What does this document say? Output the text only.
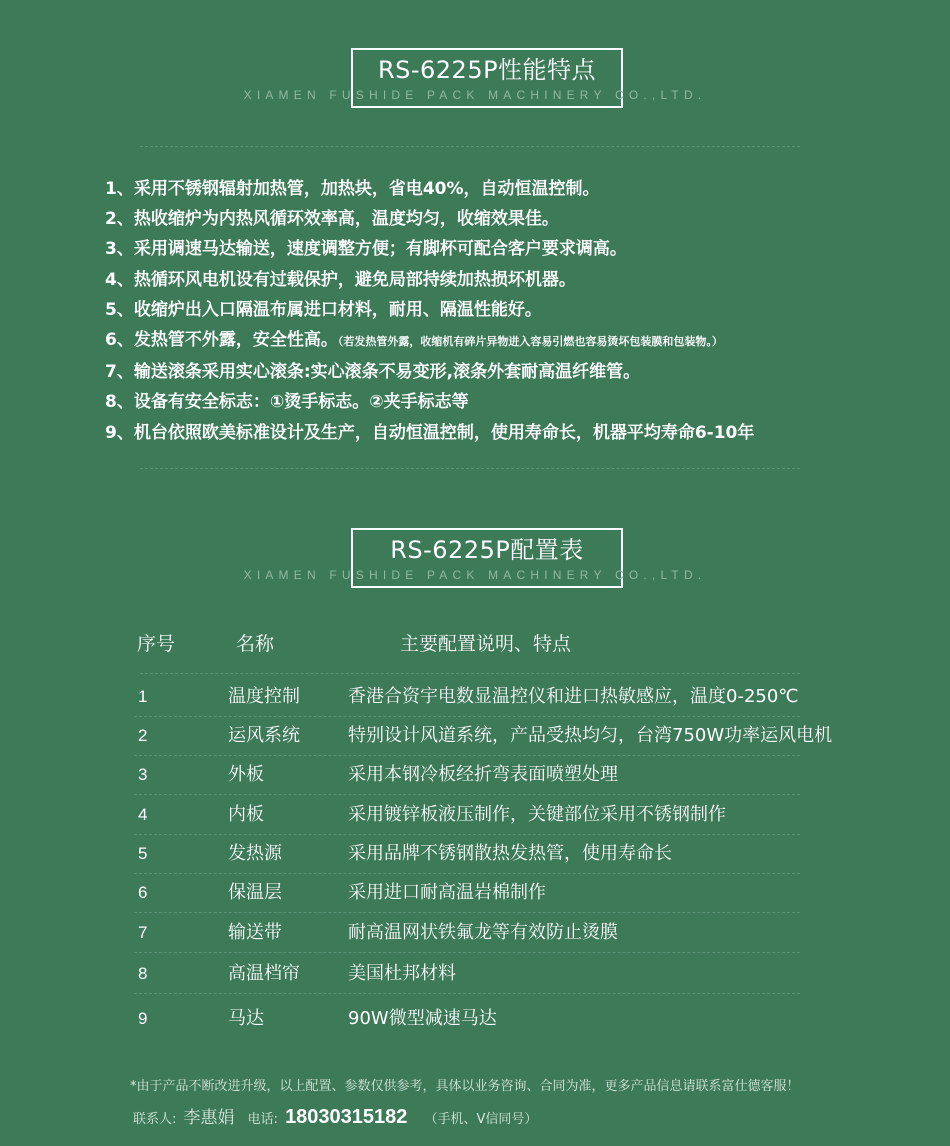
RS-6225P性能特点
XIAMEN FUSHIDE PACK MACHINERY CO.,LTD.
1、采用不锈钢辐射加热管，加热块，省电40%，自动恒温控制。
2、热收缩炉为内热风循环效率高，温度均匀，收缩效果佳。
3、采用调速马达输送，速度调整方便；有脚杯可配合客户要求调高。
4、热循环风电机设有过载保护，避免局部持续加热损坏机器。
5、收缩炉出入口隔温布属进口材料，耐用、隔温性能好。
6、发热管不外露，安全性高。（若发热管外露，收缩机有碎片异物进入容易引燃也容易烫坏包装膜和包装物。）
7、输送滚条采用实心滚条:实心滚条不易变形,滚条外套耐高温纤维管。
8、设备有安全标志：①烫手标志。②夹手标志等
9、机台依照欧美标准设计及生产，自动恒温控制，使用寿命长，机器平均寿命6-10年
RS-6225P配置表
XIAMEN FUSHIDE PACK MACHINERY CO.,LTD.
序号	名称	主要配置说明、特点
1	温度控制	香港合资宇电数显温控仪和进口热敏感应，温度0-250℃
2	运风系统	特别设计风道系统，产品受热均匀，台湾750W功率运风电机
3	外板	采用本钢冷板经折弯表面喷塑处理
4	内板	采用镀锌板液压制作，关键部位采用不锈钢制作
5	发热源	采用品牌不锈钢散热发热管，使用寿命长
6	保温层	采用进口耐高温岩棉制作
7	输送带	耐高温网状铁氟龙等有效防止烫膜
8	高温档帘	美国杜邦材料
9	马达	90W微型减速马达
*由于产品不断改进升级，以上配置、参数仅供参考，具体以业务咨询、合同为准，更多产品信息请联系富仕德客服！
联系人: 李惠娟 电话: 18030315182 （手机、V信同号）
